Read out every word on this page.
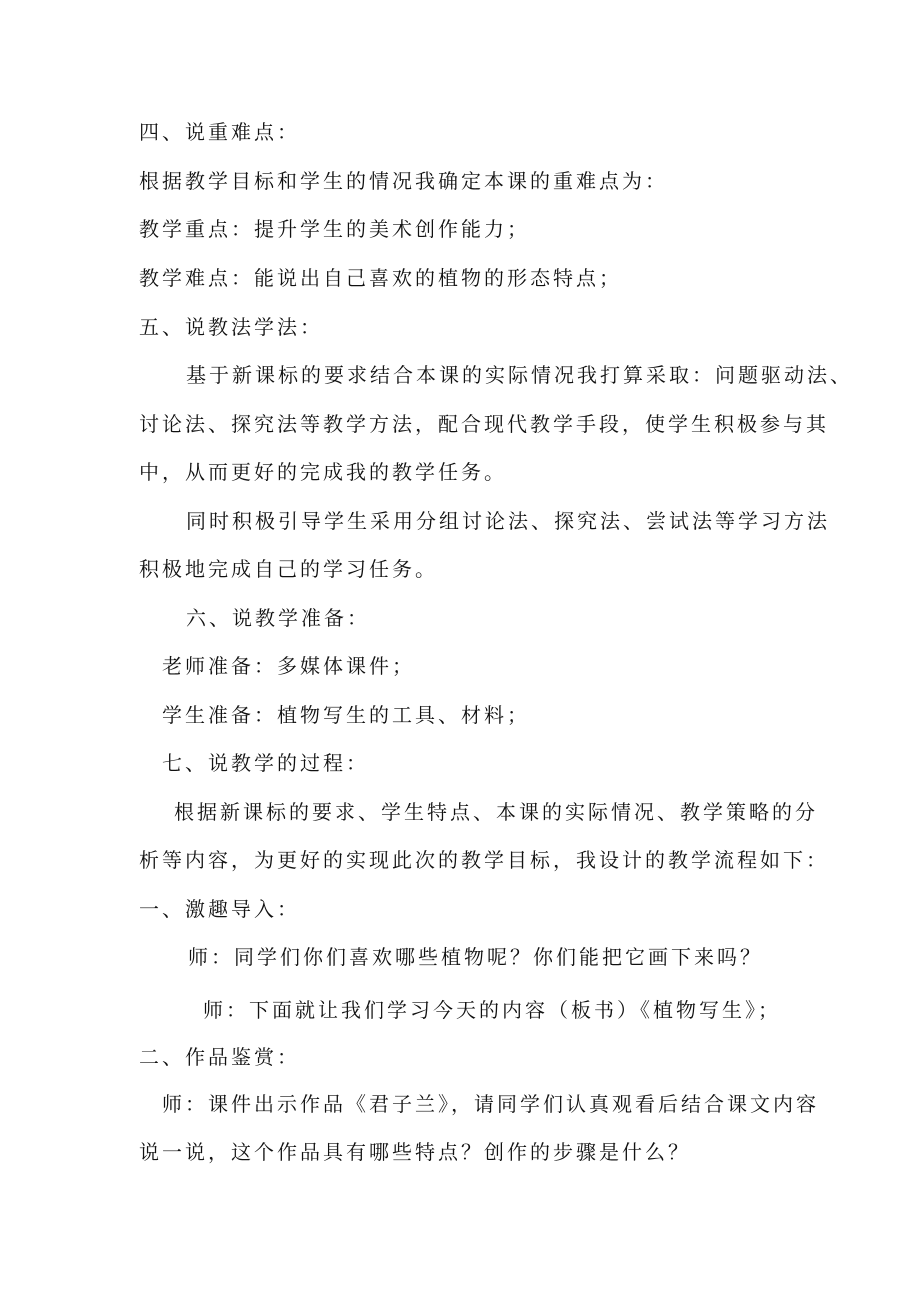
四、说重难点：
根据教学目标和学生的情况我确定本课的重难点为：
教学重点：提升学生的美术创作能力；
教学难点：能说出自己喜欢的植物的形态特点；
五、说教法学法：
基于新课标的要求结合本课的实际情况我打算采取：问题驱动法、
讨论法、探究法等教学方法，配合现代教学手段，使学生积极参与其
中，从而更好的完成我的教学任务。
同时积极引导学生采用分组讨论法、探究法、尝试法等学习方法
积极地完成自己的学习任务。
六、说教学准备：
老师准备：多媒体课件；
学生准备：植物写生的工具、材料；
七、说教学的过程：
根据新课标的要求、学生特点、本课的实际情况、教学策略的分
析等内容，为更好的实现此次的教学目标，我设计的教学流程如下：
一、激趣导入：
师：同学们你们喜欢哪些植物呢？你们能把它画下来吗？
师：下面就让我们学习今天的内容（板书）《植物写生》；
二、作品鉴赏：
师：课件出示作品《君子兰》，请同学们认真观看后结合课文内容
说一说，这个作品具有哪些特点？创作的步骤是什么？
